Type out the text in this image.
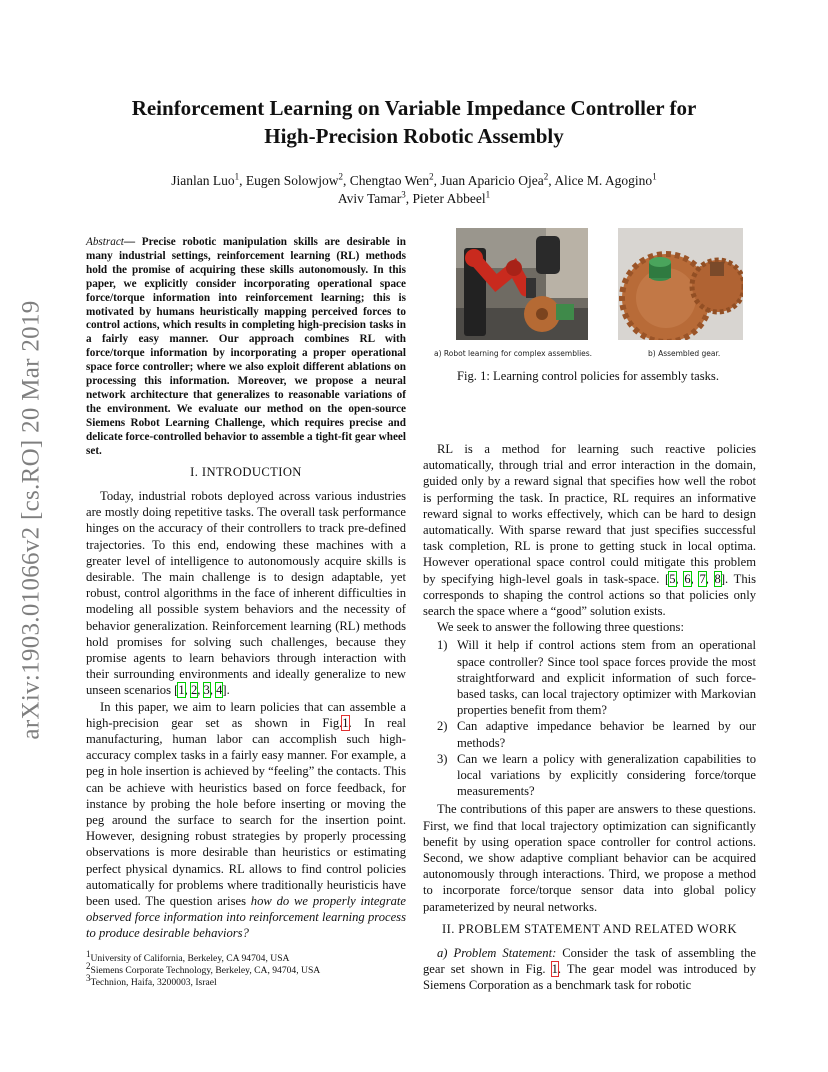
arXiv:1903.01066v2 [cs.RO] 20 Mar 2019
Reinforcement Learning on Variable Impedance Controller for
High-Precision Robotic Assembly
Jianlan Luo$^1$, Eugen Solowjow$^2$, Chengtao Wen$^2$, Juan Aparicio Ojea$^2$, Alice M. Agogino$^1$
Aviv Tamar$^3$, Pieter Abbeel$^1$
Abstract— Precise robotic manipulation skills are desirable in many industrial settings, reinforcement learning (RL) methods hold the promise of acquiring these skills autonomously. In this paper, we explicitly consider incorporating operational space force/torque information into reinforcement learning; this is motivated by humans heuristically mapping perceived forces to control actions, which results in completing high-precision tasks in a fairly easy manner. Our approach combines RL with force/torque information by incorporating a proper operational space force controller; where we also exploit different ablations on processing this information. Moreover, we propose a neural network architecture that generalizes to reasonable variations of the environment. We evaluate our method on the open-source Siemens Robot Learning Challenge, which requires precise and delicate force-controlled behavior to assemble a tight-fit gear wheel set.
I. INTRODUCTION

Today, industrial robots deployed across various industries are mostly doing repetitive tasks. The overall task performance hinges on the accuracy of their controllers to track pre-defined trajectories. To this end, endowing these machines with a greater level of intelligence to autonomously acquire skills is desirable. The main challenge is to design adaptable, yet robust, control algorithms in the face of inherent difficulties in modeling all possible system behaviors and the necessity of behavior generalization. Reinforcement learning (RL) methods hold promises for solving such challenges, because they promise agents to learn behaviors through interaction with their surrounding environments and ideally generalize to new unseen scenarios [1, 2, 3, 4].

In this paper, we aim to learn policies that can assemble a high-precision gear set as shown in Fig.1. In real manufacturing, human labor can accomplish such high-accuracy complex tasks in a fairly easy manner. For example, a peg in hole insertion is achieved by “feeling” the contacts. This can be achieve with heuristics based on force feedback, for instance by probing the hole before inserting or moving the peg around the surface to search for the insertion point. However, designing robust strategies by properly processing observations is more desirable than heuristics or estimating perfect physical dynamics. RL allows to find control policies automatically for problems where traditionally heuristicis have been used. The question arises how do we properly integrate observed force information into reinforcement learning process to produce desirable behaviors?

a) Robot learning for complex assemblies.	b) Assembled gear.
Fig. 1: Learning control policies for assembly tasks.

RL is a method for learning such reactive policies automatically, through trial and error interaction in the domain, guided only by a reward signal that specifies how well the robot is performing the task. In practice, RL requires an informative reward signal to works effectively, which can be hard to design automatically. With sparse reward that just specifies successful task completion, RL is prone to getting stuck in local optima. However operational space control could mitigate this problem by specifying high-level goals in task-space. [5, 6, 7, 8]. This corresponds to shaping the control actions so that policies only search the space where a “good” solution exists.

We seek to answer the following three questions:

1) Will it help if control actions stem from an operational space controller? Since tool space forces provide the most straightforward and explicit information of such force-based tasks, can local trajectory optimizer with Markovian properties benefit from them?
2) Can adaptive impedance behavior be learned by our methods?
3) Can we learn a policy with generalization capabilities to local variations by explicitly considering force/torque measurements?

The contributions of this paper are answers to these questions. First, we find that local trajectory optimization can significantly benefit by using operation space controller for control actions. Second, we show adaptive compliant behavior can be acquired autonomously through interactions. Third, we propose a method to incorporate force/torque sensor data into global policy parameterized by neural networks.

II. PROBLEM STATEMENT AND RELATED WORK

a) Problem Statement: Consider the task of assembling the gear set shown in Fig. 1. The gear model was introduced by Siemens Corporation as a benchmark task for robotic

$^1$University of California, Berkeley, CA 94704, USA
$^2$Siemens Corporate Technology, Berkeley, CA, 94704, USA
$^3$Technion, Haifa, 3200003, Israel
